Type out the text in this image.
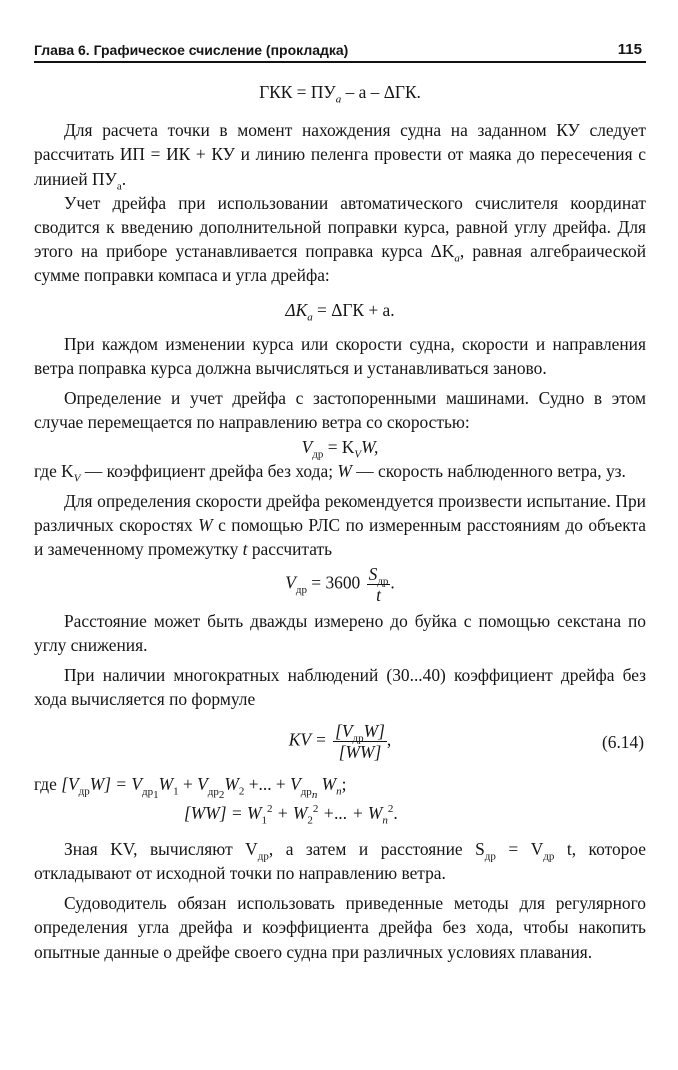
Глава 6. Графическое счисление (прокладка)	115
ГКК = $ПУ_a$ – a – ΔГК.

Для расчета точки в момент нахождения судна на заданном КУ следует рассчитать ИП = ИК + КУ и линию пеленга провести от маяка до пересечения с линией $ПУ_a$.

Учет дрейфа при использовании автоматического счислителя координат сводится к введению дополнительной поправки курса, равной углу дрейфа. Для этого на приборе устанавливается поправка курса $\Delta K_a$, равная алгебраической сумме поправки компаса и угла дрейфа:

$\Delta K_a = \Delta ГК + a$.

При каждом изменении курса или скорости судна, скорости и направления ветра поправка курса должна вычисляться и устанавливаться заново.

Определение и учет дрейфа с застопоренными машинами. Судно в этом случае перемещается по направлению ветра со скоростью:

$V_{др} = K_VW$,

где $K_V$ — коэффициент дрейфа без хода; W — скорость наблюденного ветра, уз.

Для определения скорости дрейфа рекомендуется произвести испытание. При различных скоростях W с помощью РЛС по измеренным расстояниям до объекта и замеченному промежутку t рассчитать

$V_{др} = 3600 \frac{S_{др}}{t}$ .

Расстояние может быть дважды измерено до буйка с помощью секстана по углу снижения.

При наличии многократных наблюдений (30...40) коэффициент дрейфа без хода вычисляется по формуле

KV = $\frac{[V_{др}W]}{[WW]}$ ,	(6.14)
где $[V_{др}W] = V_{др_1}W_1 + V_{др_2}W_2$ +... + $V_{др_n}$ $W_n$;
$[WW] = W_1^2 + W_2^2$ +... + $W_n^2$.

Зная KV, вычисляют $V_{др}$, а затем и расстояние $S_{др} = V_{др}$ t, которое откладывают от исходной точки по направлению ветра.

Судоводитель обязан использовать приведенные методы для регулярного определения угла дрейфа и коэффициента дрейфа без хода, чтобы накопить опытные данные о дрейфе своего судна при различных условиях плавания.
